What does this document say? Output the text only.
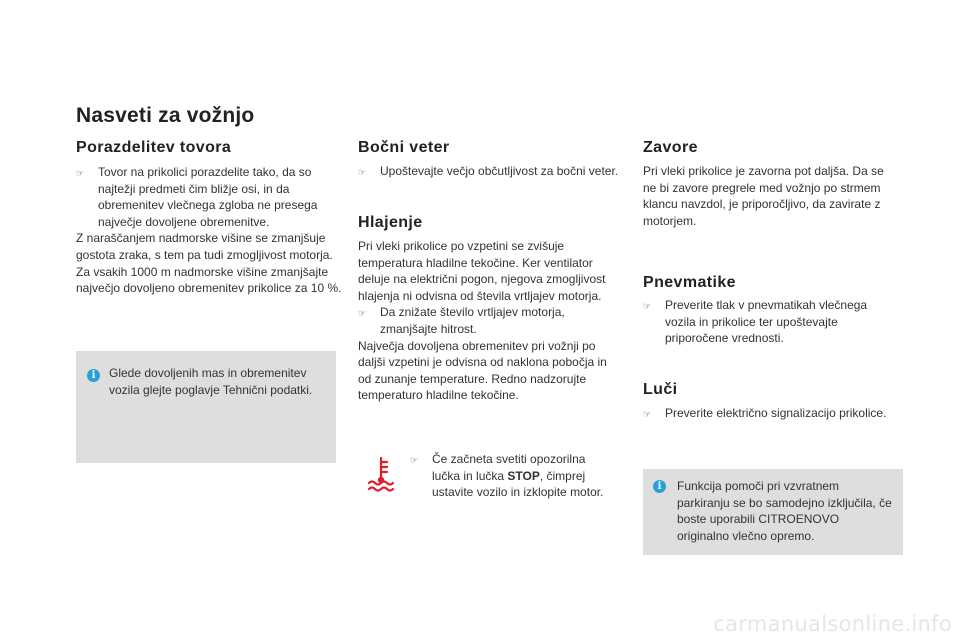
Nasveti za vožnjo
Porazdelitev tovora
☞ Tovor na prikolici porazdelite tako, da so najtežji predmeti čim bližje osi, in da obremenitev vlečnega zgloba ne presega največje dovoljene obremenitve.

Z naraščanjem nadmorske višine se zmanjšuje gostota zraka, s tem pa tudi zmogljivost motorja. Za vsakih 1000 m nadmorske višine zmanjšajte največjo dovoljeno obremenitev prikolice za 10 %.

i	Glede dovoljenih mas in obremenitev vozila glejte poglavje Tehnični podatki.
Bočni veter
☞ Upoštevajte večjo občutljivost za bočni veter.
Hlajenje

Pri vleki prikolice po vzpetini se zvišuje temperatura hladilne tekočine. Ker ventilator deluje na električni pogon, njegova zmogljivost hlajenja ni odvisna od števila vrtljajev motorja.

☞ Da znižate število vrtljajev motorja, zmanjšajte hitrost.

Največja dovoljena obremenitev pri vožnji po daljši vzpetini je odvisna od naklona pobočja in od zunanje temperature. Redno nadzorujte temperaturo hladilne tekočine.

☞ Če začneta svetiti opozorilna lučka in lučka STOP, čimprej ustavite vozilo in izklopite motor.
Zavore
Pri vleki prikolice je zavorna pot daljša. Da se ne bi zavore pregrele med vožnjo po strmem klancu navzdol, je priporočljivo, da zavirate z motorjem.
Pnevmatike
☞ Preverite tlak v pnevmatikah vlečnega vozila in prikolice ter upoštevajte priporočene vrednosti.
Luči
☞ Preverite električno signalizacijo prikolice.
i	Funkcija pomoči pri vzvratnem parkiranju se bo samodejno izključila, če boste uporabili CITROENOVO originalno vlečno opremo.
carmanualsonline.info
